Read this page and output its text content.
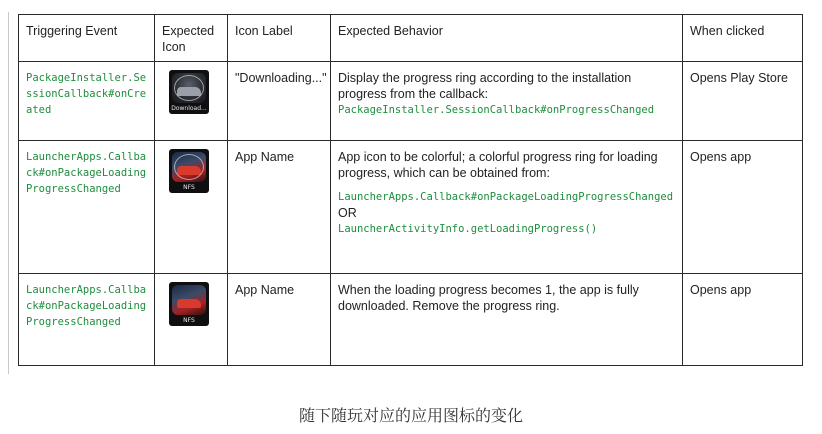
Triggering Event	Expected Icon	Icon Label	Expected Behavior	When clicked

PackageInstaller.SessionCallback#onCreated	Download...	"Downloading..."	Display the progress ring according to the installation progress from the callback:
PackageInstaller.SessionCallback#onProgressChanged	Opens Play Store

LauncherApps.Callback#onPackageLoadingProgressChanged	NFS	App Name	App icon to be colorful; a colorful progress ring for loading progress, which can be obtained from:
LauncherApps.Callback#onPackageLoadingProgressChanged
OR
LauncherActivityInfo.getLoadingProgress()	Opens app

LauncherApps.Callback#onPackageLoadingProgressChanged	NFS	App Name	When the loading progress becomes 1, the app is fully downloaded. Remove the progress ring.	Opens app
随下随玩对应的应用图标的变化
